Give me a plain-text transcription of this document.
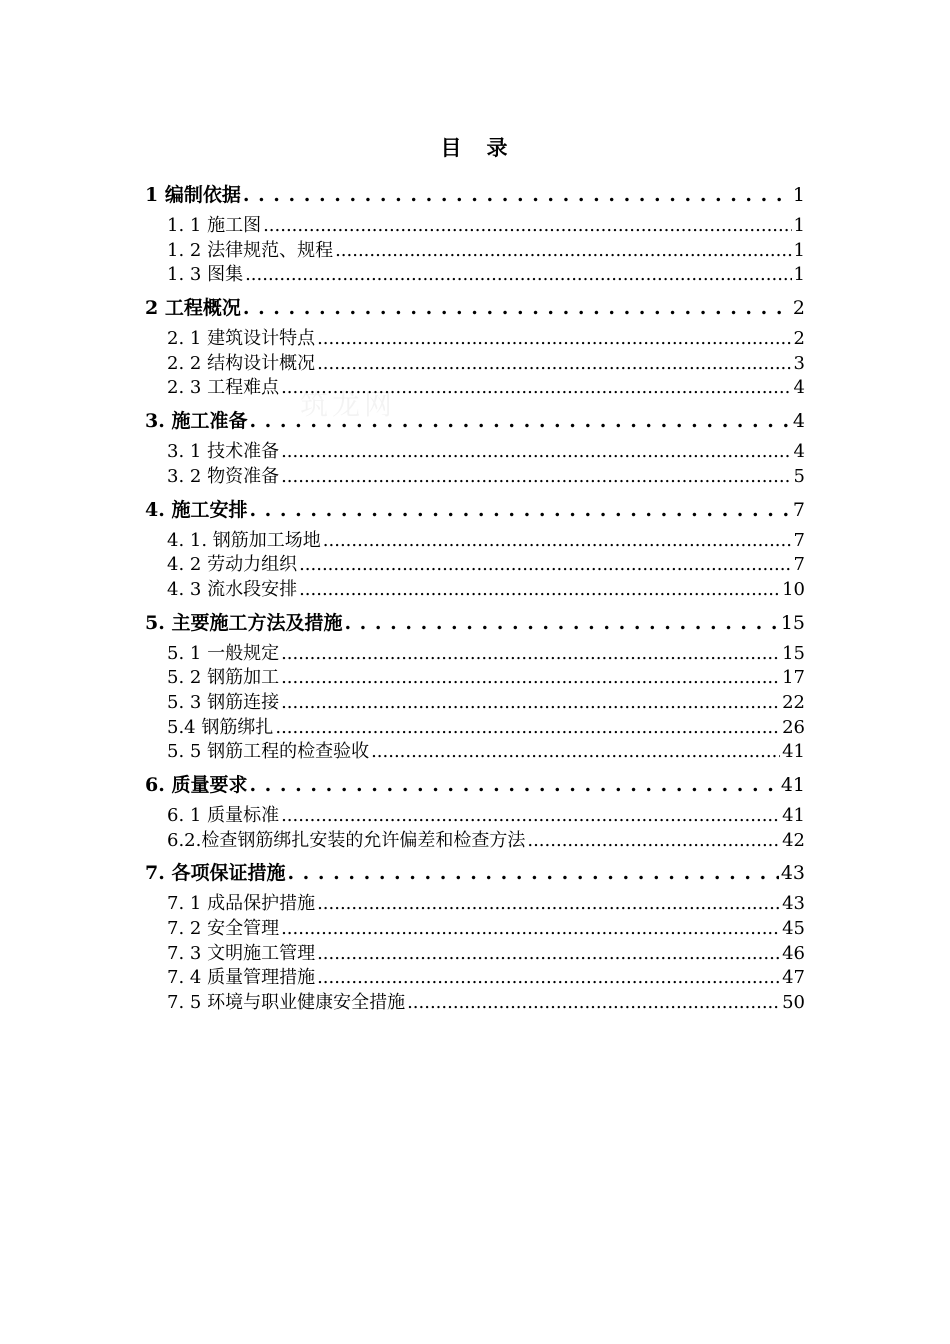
目　录
筑龙网
1 编制依据 . . .	1
1. 1 施工图 .....	1
1. 2 法律规范、规程 .....	1
1. 3 图集 .....	1
2 工程概况 . . .	2
2. 1 建筑设计特点 .....	2
2. 2 结构设计概况 .....	3
2. 3 工程难点 .....	4
3. 施工准备 . . .	4
3. 1 技术准备 .....	4
3. 2 物资准备 .....	5
4. 施工安排 . . .	7
4. 1. 钢筋加工场地 .....	7
4. 2 劳动力组织 .....	7
4. 3 流水段安排 .....	10
5. 主要施工方法及措施 . . .	15
5. 1 一般规定 .....	15
5. 2 钢筋加工 .....	17
5. 3 钢筋连接 .....	22
5.4 钢筋绑扎 .....	26
5. 5 钢筋工程的检查验收 .....	41
6. 质量要求 . . .	41
6. 1 质量标准 .....	41
6.2.检查钢筋绑扎安装的允许偏差和检查方法 .....	42
7. 各项保证措施 . . .	43
7. 1 成品保护措施 .....	43
7. 2 安全管理 .....	45
7. 3 文明施工管理 .....	46
7. 4 质量管理措施 .....	47
7. 5 环境与职业健康安全措施 .....	50
